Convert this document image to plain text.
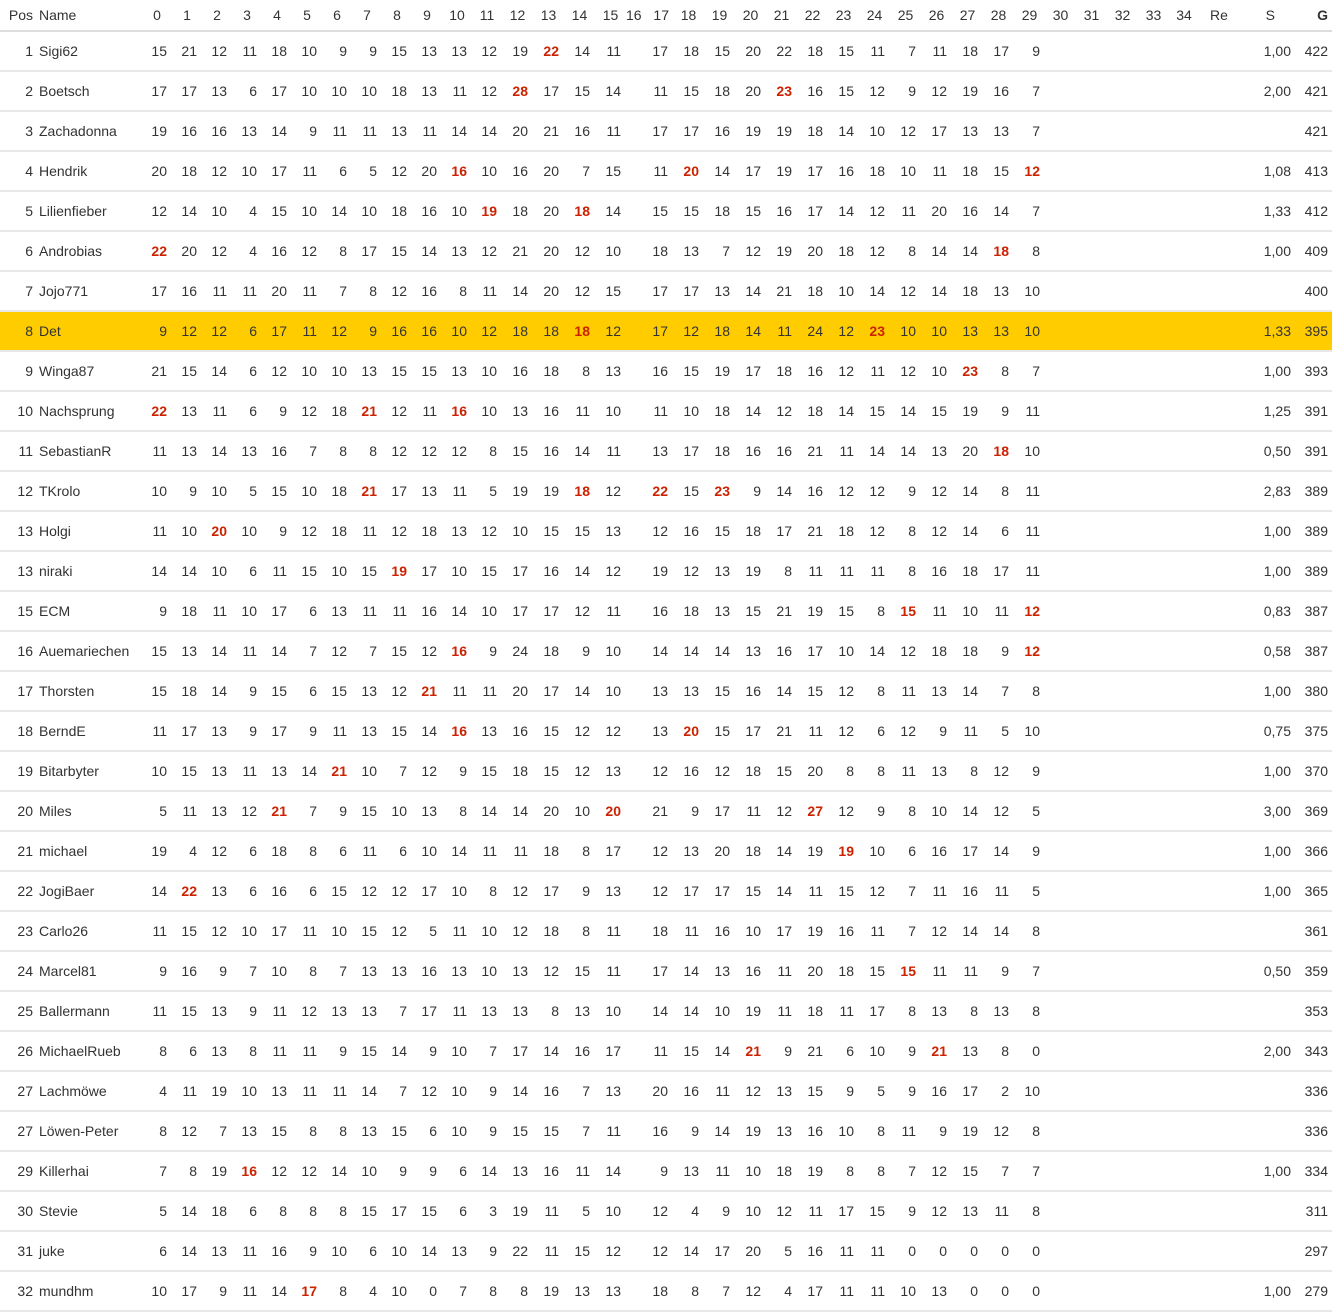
Pos	Name	0	1	2	3	4	5	6	7	8	9	10	11	12	13	14	15	16	17	18	19	20	21	22	23	24	25	26	27	28	29	30	31	32	33	34	Re	S	G
1	Sigi62	15	21	12	11	18	10	9	9	15	13	13	12	19	22	14	11		17	18	15	20	22	18	15	11	7	11	18	17	9							1,00	422
2	Boetsch	17	17	13	6	17	10	10	10	18	13	11	12	28	17	15	14		11	15	18	20	23	16	15	12	9	12	19	16	7							2,00	421
3	Zachadonna	19	16	16	13	14	9	11	11	13	11	14	14	20	21	16	11		17	17	16	19	19	18	14	10	12	17	13	13	7								421
4	Hendrik	20	18	12	10	17	11	6	5	12	20	16	10	16	20	7	15		11	20	14	17	19	17	16	18	10	11	18	15	12							1,08	413
5	Lilienfieber	12	14	10	4	15	10	14	10	18	16	10	19	18	20	18	14		15	15	18	15	16	17	14	12	11	20	16	14	7							1,33	412
6	Androbias	22	20	12	4	16	12	8	17	15	14	13	12	21	20	12	10		18	13	7	12	19	20	18	12	8	14	14	18	8							1,00	409
7	Jojo771	17	16	11	11	20	11	7	8	12	16	8	11	14	20	12	15		17	17	13	14	21	18	10	14	12	14	18	13	10								400
8	Det	9	12	12	6	17	11	12	9	16	16	10	12	18	18	18	12		17	12	18	14	11	24	12	23	10	10	13	13	10							1,33	395
9	Winga87	21	15	14	6	12	10	10	13	15	15	13	10	16	18	8	13		16	15	19	17	18	16	12	11	12	10	23	8	7							1,00	393
10	Nachsprung	22	13	11	6	9	12	18	21	12	11	16	10	13	16	11	10		11	10	18	14	12	18	14	15	14	15	19	9	11							1,25	391
11	SebastianR	11	13	14	13	16	7	8	8	12	12	12	8	15	16	14	11		13	17	18	16	16	21	11	14	14	13	20	18	10							0,50	391
12	TKrolo	10	9	10	5	15	10	18	21	17	13	11	5	19	19	18	12		22	15	23	9	14	16	12	12	9	12	14	8	11							2,83	389
13	Holgi	11	10	20	10	9	12	18	11	12	18	13	12	10	15	15	13		12	16	15	18	17	21	18	12	8	12	14	6	11							1,00	389
13	niraki	14	14	10	6	11	15	10	15	19	17	10	15	17	16	14	12		19	12	13	19	8	11	11	11	8	16	18	17	11							1,00	389
15	ECM	9	18	11	10	17	6	13	11	11	16	14	10	17	17	12	11		16	18	13	15	21	19	15	8	15	11	10	11	12							0,83	387
16	Auemariechen	15	13	14	11	14	7	12	7	15	12	16	9	24	18	9	10		14	14	14	13	16	17	10	14	12	18	18	9	12							0,58	387
17	Thorsten	15	18	14	9	15	6	15	13	12	21	11	11	20	17	14	10		13	13	15	16	14	15	12	8	11	13	14	7	8							1,00	380
18	BerndE	11	17	13	9	17	9	11	13	15	14	16	13	16	15	12	12		13	20	15	17	21	11	12	6	12	9	11	5	10							0,75	375
19	Bitarbyter	10	15	13	11	13	14	21	10	7	12	9	15	18	15	12	13		12	16	12	18	15	20	8	8	11	13	8	12	9							1,00	370
20	Miles	5	11	13	12	21	7	9	15	10	13	8	14	14	20	10	20		21	9	17	11	12	27	12	9	8	10	14	12	5							3,00	369
21	michael	19	4	12	6	18	8	6	11	6	10	14	11	11	18	8	17		12	13	20	18	14	19	19	10	6	16	17	14	9							1,00	366
22	JogiBaer	14	22	13	6	16	6	15	12	12	17	10	8	12	17	9	13		12	17	17	15	14	11	15	12	7	11	16	11	5							1,00	365
23	Carlo26	11	15	12	10	17	11	10	15	12	5	11	10	12	18	8	11		18	11	16	10	17	19	16	11	7	12	14	14	8								361
24	Marcel81	9	16	9	7	10	8	7	13	13	16	13	10	13	12	15	11		17	14	13	16	11	20	18	15	15	11	11	9	7							0,50	359
25	Ballermann	11	15	13	9	11	12	13	13	7	17	11	13	13	8	13	10		14	14	10	19	11	18	11	17	8	13	8	13	8								353
26	MichaelRueb	8	6	13	8	11	11	9	15	14	9	10	7	17	14	16	17		11	15	14	21	9	21	6	10	9	21	13	8	0							2,00	343
27	Lachmöwe	4	11	19	10	13	11	11	14	7	12	10	9	14	16	7	13		20	16	11	12	13	15	9	5	9	16	17	2	10								336
27	Löwen-Peter	8	12	7	13	15	8	8	13	15	6	10	9	15	15	7	11		16	9	14	19	13	16	10	8	11	9	19	12	8								336
29	Killerhai	7	8	19	16	12	12	14	10	9	9	6	14	13	16	11	14		9	13	11	10	18	19	8	8	7	12	15	7	7							1,00	334
30	Stevie	5	14	18	6	8	8	8	15	17	15	6	3	19	11	5	10		12	4	9	10	12	11	17	15	9	12	13	11	8								311
31	juke	6	14	13	11	16	9	10	6	10	14	13	9	22	11	15	12		12	14	17	20	5	16	11	11	0	0	0	0	0								297
32	mundhm	10	17	9	11	14	17	8	4	10	0	7	8	8	19	13	13		18	8	7	12	4	17	11	11	10	13	0	0	0							1,00	279
